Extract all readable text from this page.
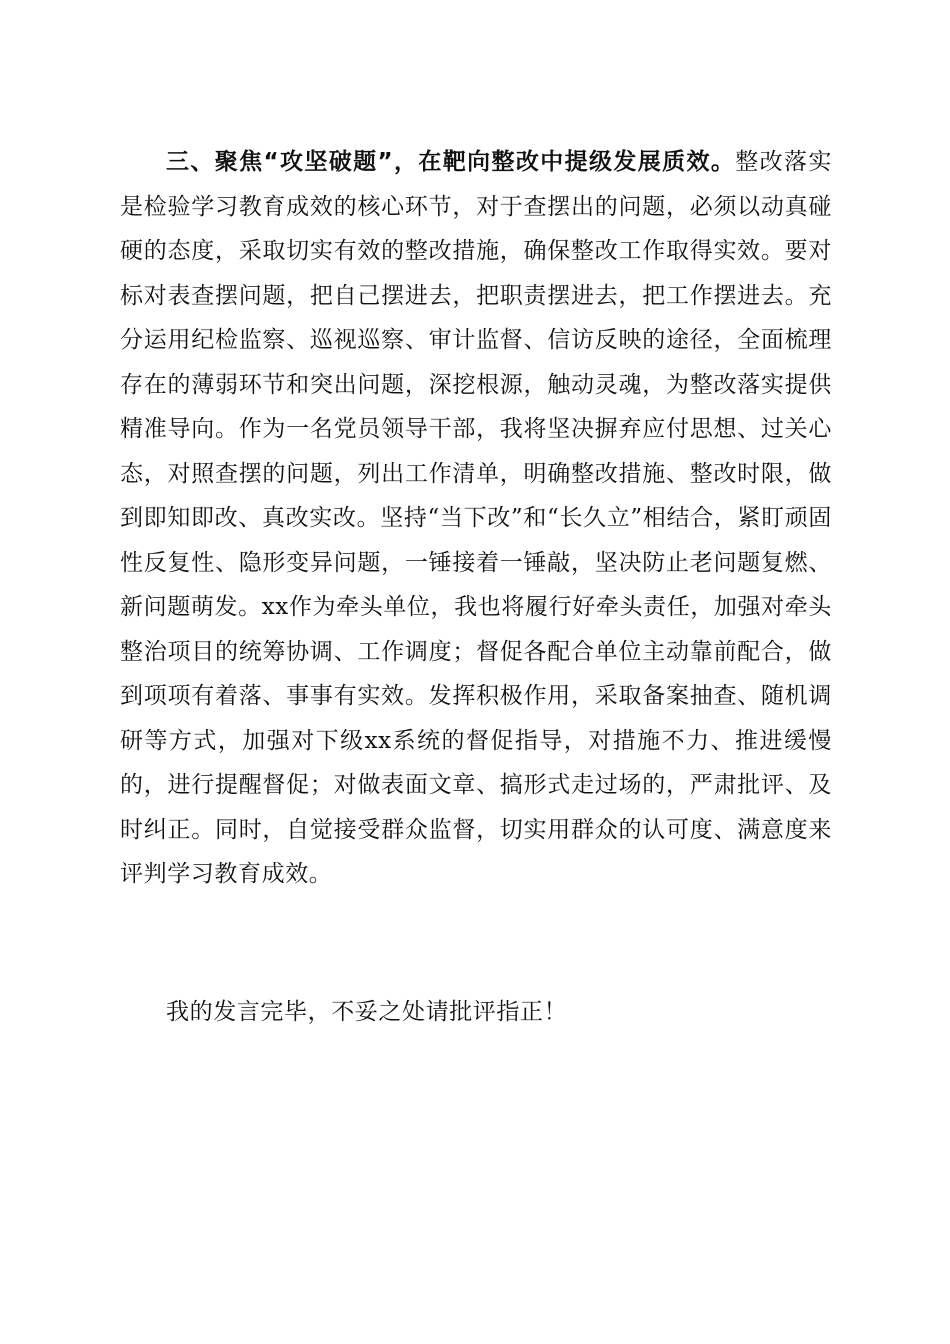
三、聚焦“攻坚破题”，在靶向整改中提级发展质效。整改落实是检验学习教育成效的核心环节，对于查摆出的问题，必须以动真碰硬的态度，采取切实有效的整改措施，确保整改工作取得实效。要对标对表查摆问题，把自己摆进去，把职责摆进去，把工作摆进去。充分运用纪检监察、巡视巡察、审计监督、信访反映的途径，全面梳理存在的薄弱环节和突出问题，深挖根源，触动灵魂，为整改落实提供精准导向。作为一名党员领导干部，我将坚决摒弃应付思想、过关心态，对照查摆的问题，列出工作清单，明确整改措施、整改时限，做到即知即改、真改实改。坚持“当下改”和“长久立”相结合，紧盯顽固性反复性、隐形变异问题，一锤接着一锤敲，坚决防止老问题复燃、新问题萌发。xx作为牵头单位，我也将履行好牵头责任，加强对牵头整治项目的统筹协调、工作调度；督促各配合单位主动靠前配合，做到项项有着落、事事有实效。发挥积极作用，采取备案抽查、随机调研等方式，加强对下级xx系统的督促指导，对措施不力、推进缓慢的，进行提醒督促；对做表面文章、搞形式走过场的，严肃批评、及时纠正。同时，自觉接受群众监督，切实用群众的认可度、满意度来评判学习教育成效。

我的发言完毕，不妥之处请批评指正！
